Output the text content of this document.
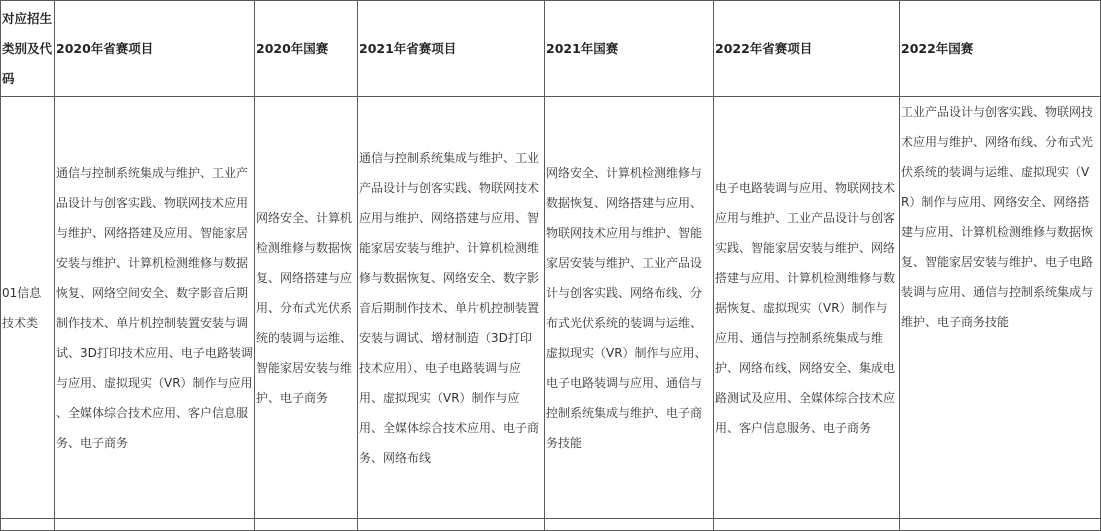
对应招生类别及代码	2020年省赛项目	2020年国赛	2021年省赛项目	2021年国赛	2022年省赛项目	2022年国赛
01信息技术类	通信与控制系统集成与维护、工业产品设计与创客实践、物联网技术应用与维护、网络搭建及应用、智能家居安装与维护、计算机检测维修与数据恢复、网络空间安全、数字影音后期制作技术、单片机控制装置安装与调试、3D打印技术应用、电子电路装调与应用、虚拟现实（VR）制作与应用 、全媒体综合技术应用、客户信息服务、电子商务	网络安全、计算机检测维修与数据恢复、网络搭建与应用、分布式光伏系统的装调与运维、智能家居安装与维护、电子商务	通信与控制系统集成与维护、工业产品设计与创客实践、物联网技术应用与维护、网络搭建与应用、智能家居安装与维护、计算机检测维修与数据恢复、网络安全、数字影音后期制作技术、单片机控制装置安装与调试、增材制造（3D打印技术应用）、电子电路装调与应用、虚拟现实（VR）制作与应用、全媒体综合技术应用、电子商务、网络布线	网络安全、计算机检测维修与数据恢复、网络搭建与应用、物联网技术应用与维护、智能家居安装与维护、工业产品设计与创客实践、网络布线、分布式光伏系统的装调与运维、虚拟现实（VR）制作与应用、电子电路装调与应用、通信与控制系统集成与维护、电子商务技能	电子电路装调与应用、物联网技术应用与维护、工业产品设计与创客实践、智能家居安装与维护、网络搭建与应用、计算机检测维修与数据恢复、虚拟现实（VR）制作与应用、通信与控制系统集成与维护、网络布线、网络安全、集成电路测试及应用、全媒体综合技术应用、客户信息服务、电子商务	工业产品设计与创客实践、物联网技术应用与维护、网络布线、分布式光伏系统的装调与运维、虚拟现实（VR）制作与应用、网络安全、网络搭建与应用、计算机检测维修与数据恢复、智能家居安装与维护、电子电路装调与应用、通信与控制系统集成与维护、电子商务技能
